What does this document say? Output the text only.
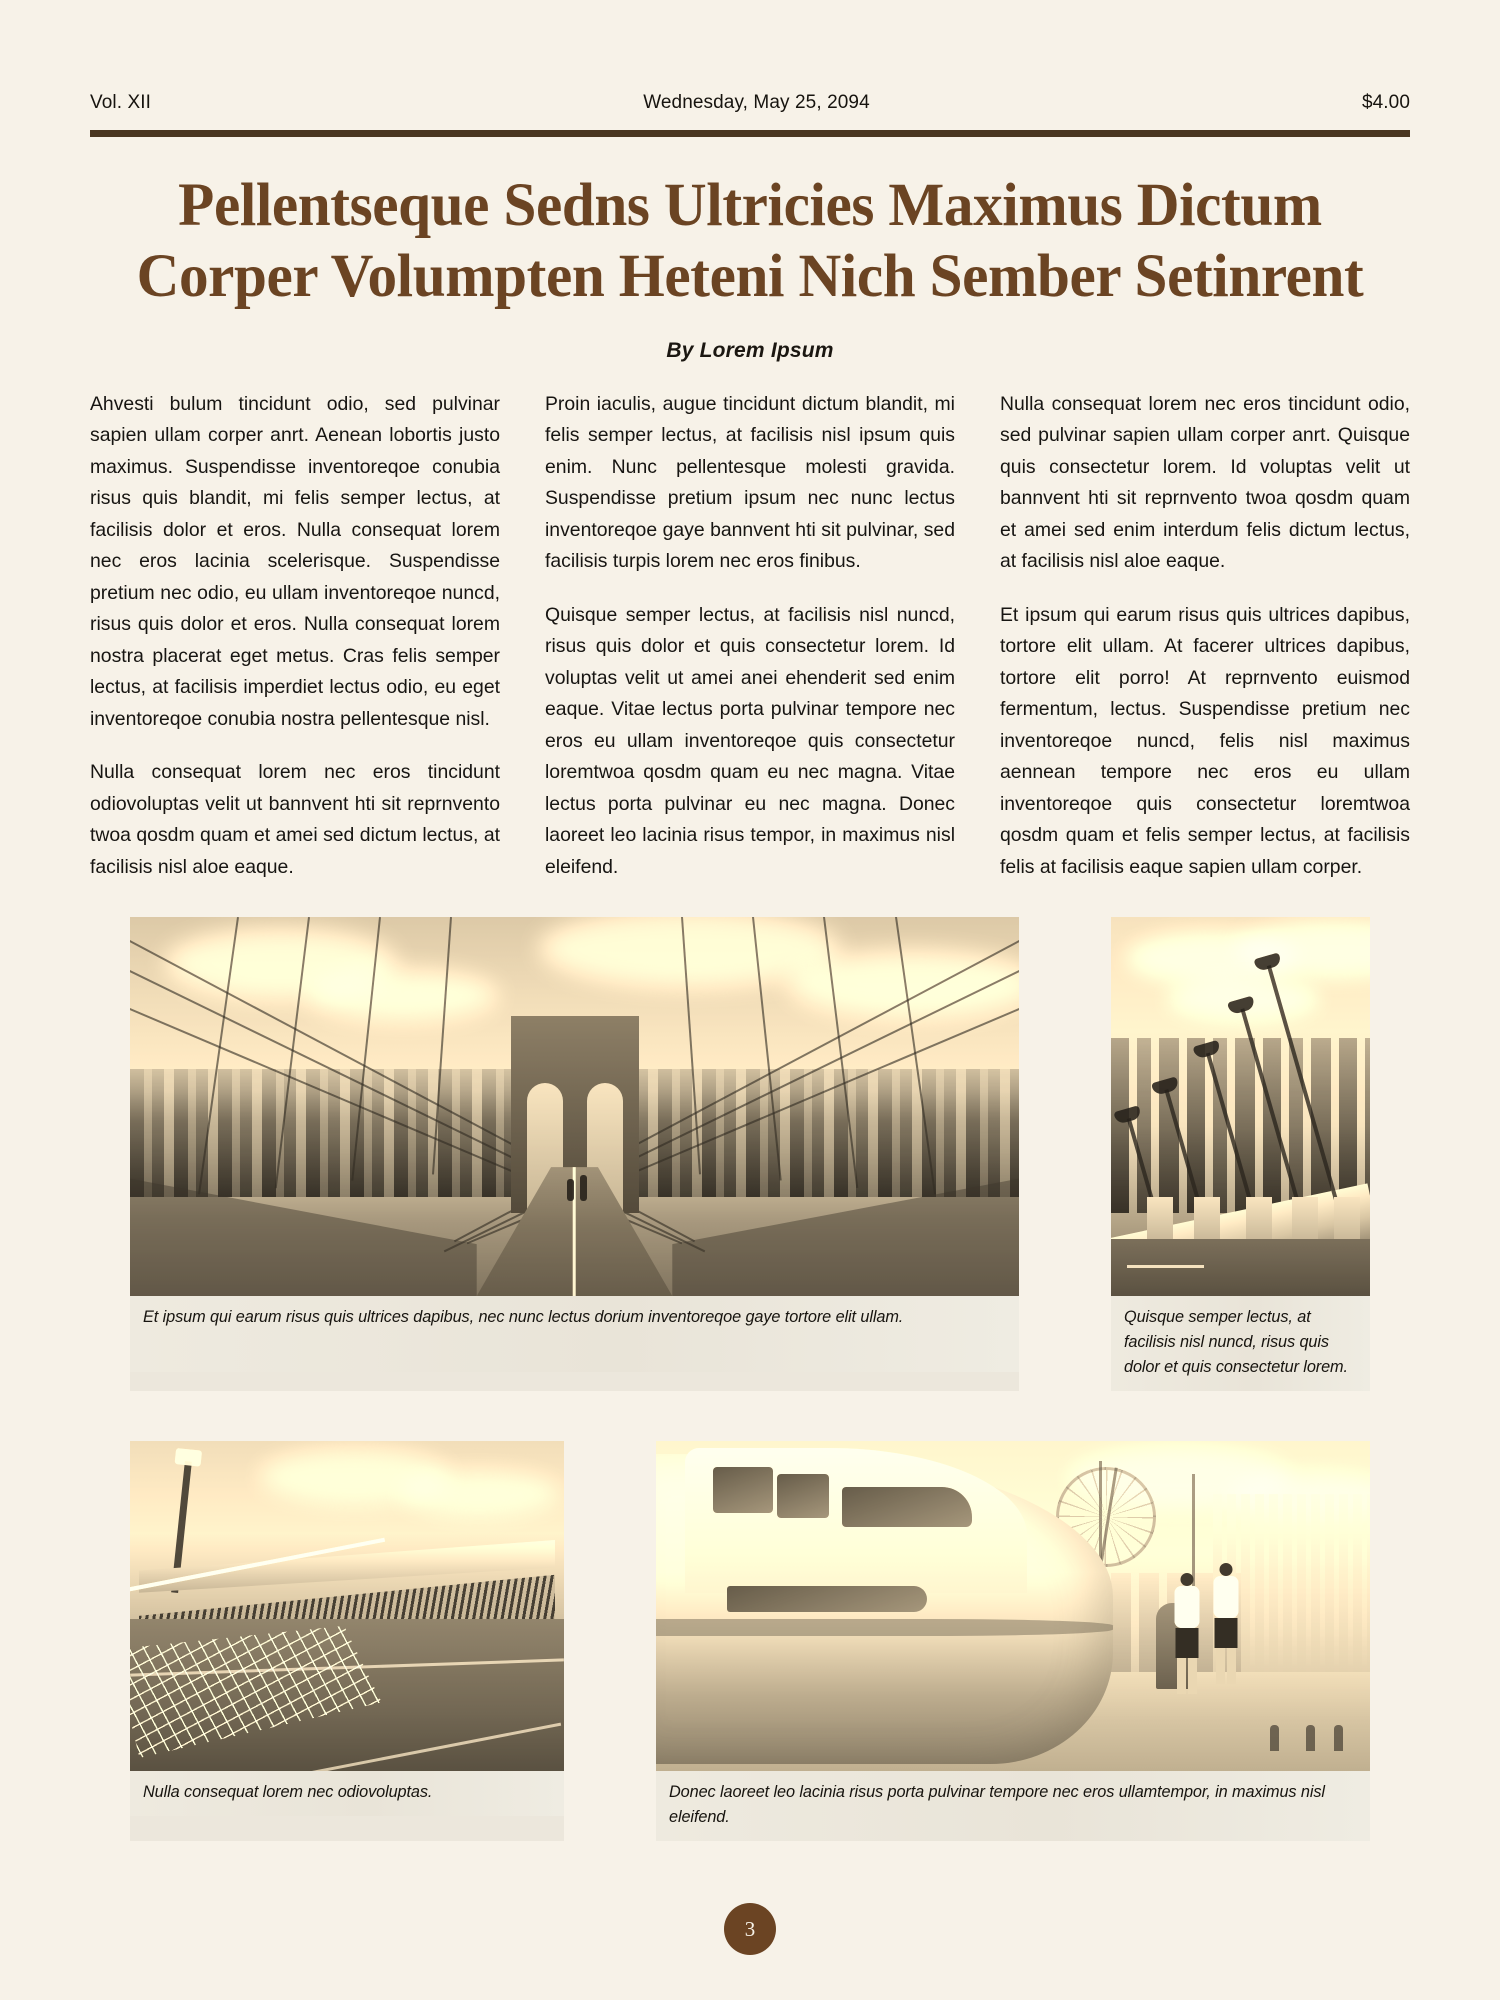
Vol. XII	Wednesday, May 25, 2094	$4.00
Pellentseque Sedns Ultricies Maximus Dictum Corper Volumpten Heteni Nich Sember Setinrent
By Lorem Ipsum

Ahvesti bulum tincidunt odio, sed pulvinar sapien ullam corper anrt. Aenean lobortis justo maximus. Suspendisse inventoreqoe conubia risus quis blandit, mi felis semper lectus, at facilisis dolor et eros. Nulla consequat lorem nec eros lacinia scelerisque. Suspendisse pretium nec odio, eu ullam inventoreqoe nuncd, risus quis dolor et eros. Nulla consequat lorem nostra placerat eget metus. Cras felis semper lectus, at facilisis imperdiet lectus odio, eu eget inventoreqoe conubia nostra pellentesque nisl.

Nulla consequat lorem nec eros tincidunt odiovoluptas velit ut bannvent hti sit reprnvento twoa qosdm quam et amei sed dictum lectus, at facilisis nisl aloe eaque.

Proin iaculis, augue tincidunt dictum blandit, mi felis semper lectus, at facilisis nisl ipsum quis enim. Nunc pellentesque molesti gravida. Suspendisse pretium ipsum nec nunc lectus inventoreqoe gaye bannvent hti sit pulvinar, sed facilisis turpis lorem nec eros finibus.

Quisque semper lectus, at facilisis nisl nuncd, risus quis dolor et quis consectetur lorem. Id voluptas velit ut amei anei ehenderit sed enim eaque. Vitae lectus porta pulvinar tempore nec eros eu ullam inventoreqoe quis consectetur loremtwoa qosdm quam eu nec magna. Vitae lectus porta pulvinar eu nec magna. Donec laoreet leo lacinia risus tempor, in maximus nisl eleifend.

Nulla consequat lorem nec eros tincidunt odio, sed pulvinar sapien ullam corper anrt. Quisque quis consectetur lorem. Id voluptas velit ut bannvent hti sit reprnvento twoa qosdm quam et amei sed enim interdum felis dictum lectus, at facilisis nisl aloe eaque.

Et ipsum qui earum risus quis ultrices dapibus, tortore elit ullam. At facerer ultrices dapibus, tortore elit porro! At reprnvento euismod fermentum, lectus. Suspendisse pretium nec inventoreqoe nuncd, felis nisl maximus aennean tempore nec eros eu ullam inventoreqoe quis consectetur loremtwoa qosdm quam et felis semper lectus, at facilisis felis at facilisis eaque sapien ullam corper.

Et ipsum qui earum risus quis ultrices dapibus, nec nunc lectus dorium inventoreqoe gaye tortore elit ullam.	Quisque semper lectus, at facilisis nisl nuncd, risus quis dolor et quis consectetur lorem.
Nulla consequat lorem nec odiovoluptas.	Donec laoreet leo lacinia risus porta pulvinar tempore nec eros ullamtempor, in maximus nisl eleifend.
3
